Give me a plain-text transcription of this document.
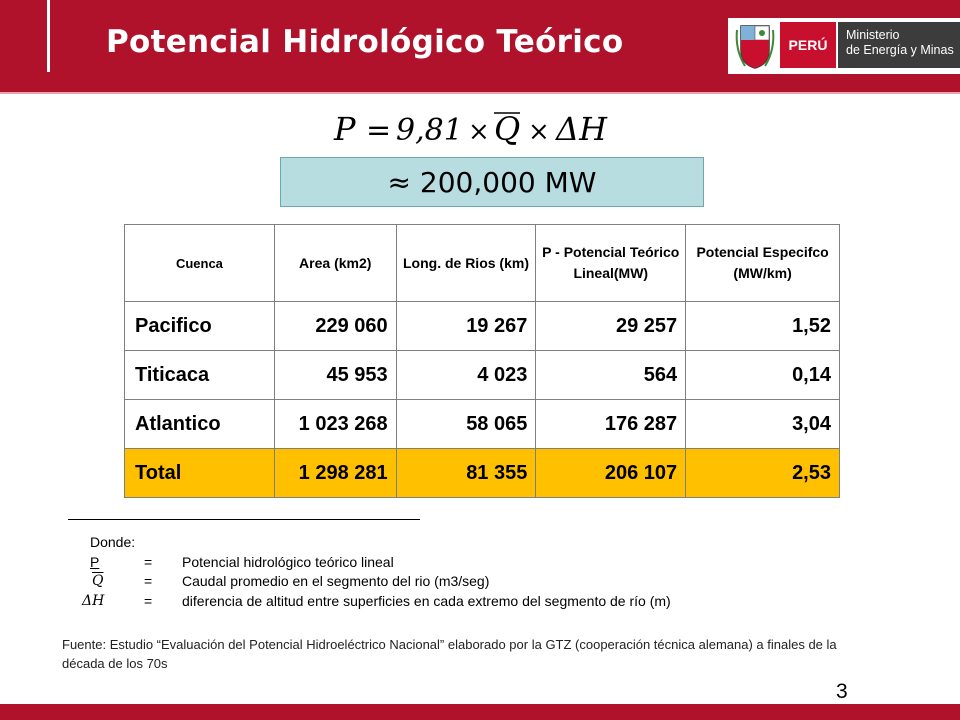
Potencial Hidrológico Teórico	PERÚ
Ministerio
de Energía y Minas
P = 9,81 × Q × ΔH
≈ 200,000 MW
Cuenca	Area (km2)	Long. de Rios (km)	P - Potencial Teórico Lineal(MW)	Potencial Especifco (MW/km)
Pacifico	229 060	19 267	29 257	1,52
Titicaca	45 953	4 023	564	0,14
Atlantico	1 023 268	58 065	176 287	3,04
Total	1 298 281	81 355	206 107	2,53
Donde:
P	=	Potencial hidrológico teórico lineal
$\overline{Q}$	=	Caudal promedio en el segmento del rio (m3/seg)
ΔH	=	diferencia de altitud entre superficies en cada extremo del segmento de río (m)
Fuente: Estudio “Evaluación del Potencial Hidroeléctrico Nacional” elaborado por la GTZ (cooperación técnica alemana) a finales de la década de los 70s
3
